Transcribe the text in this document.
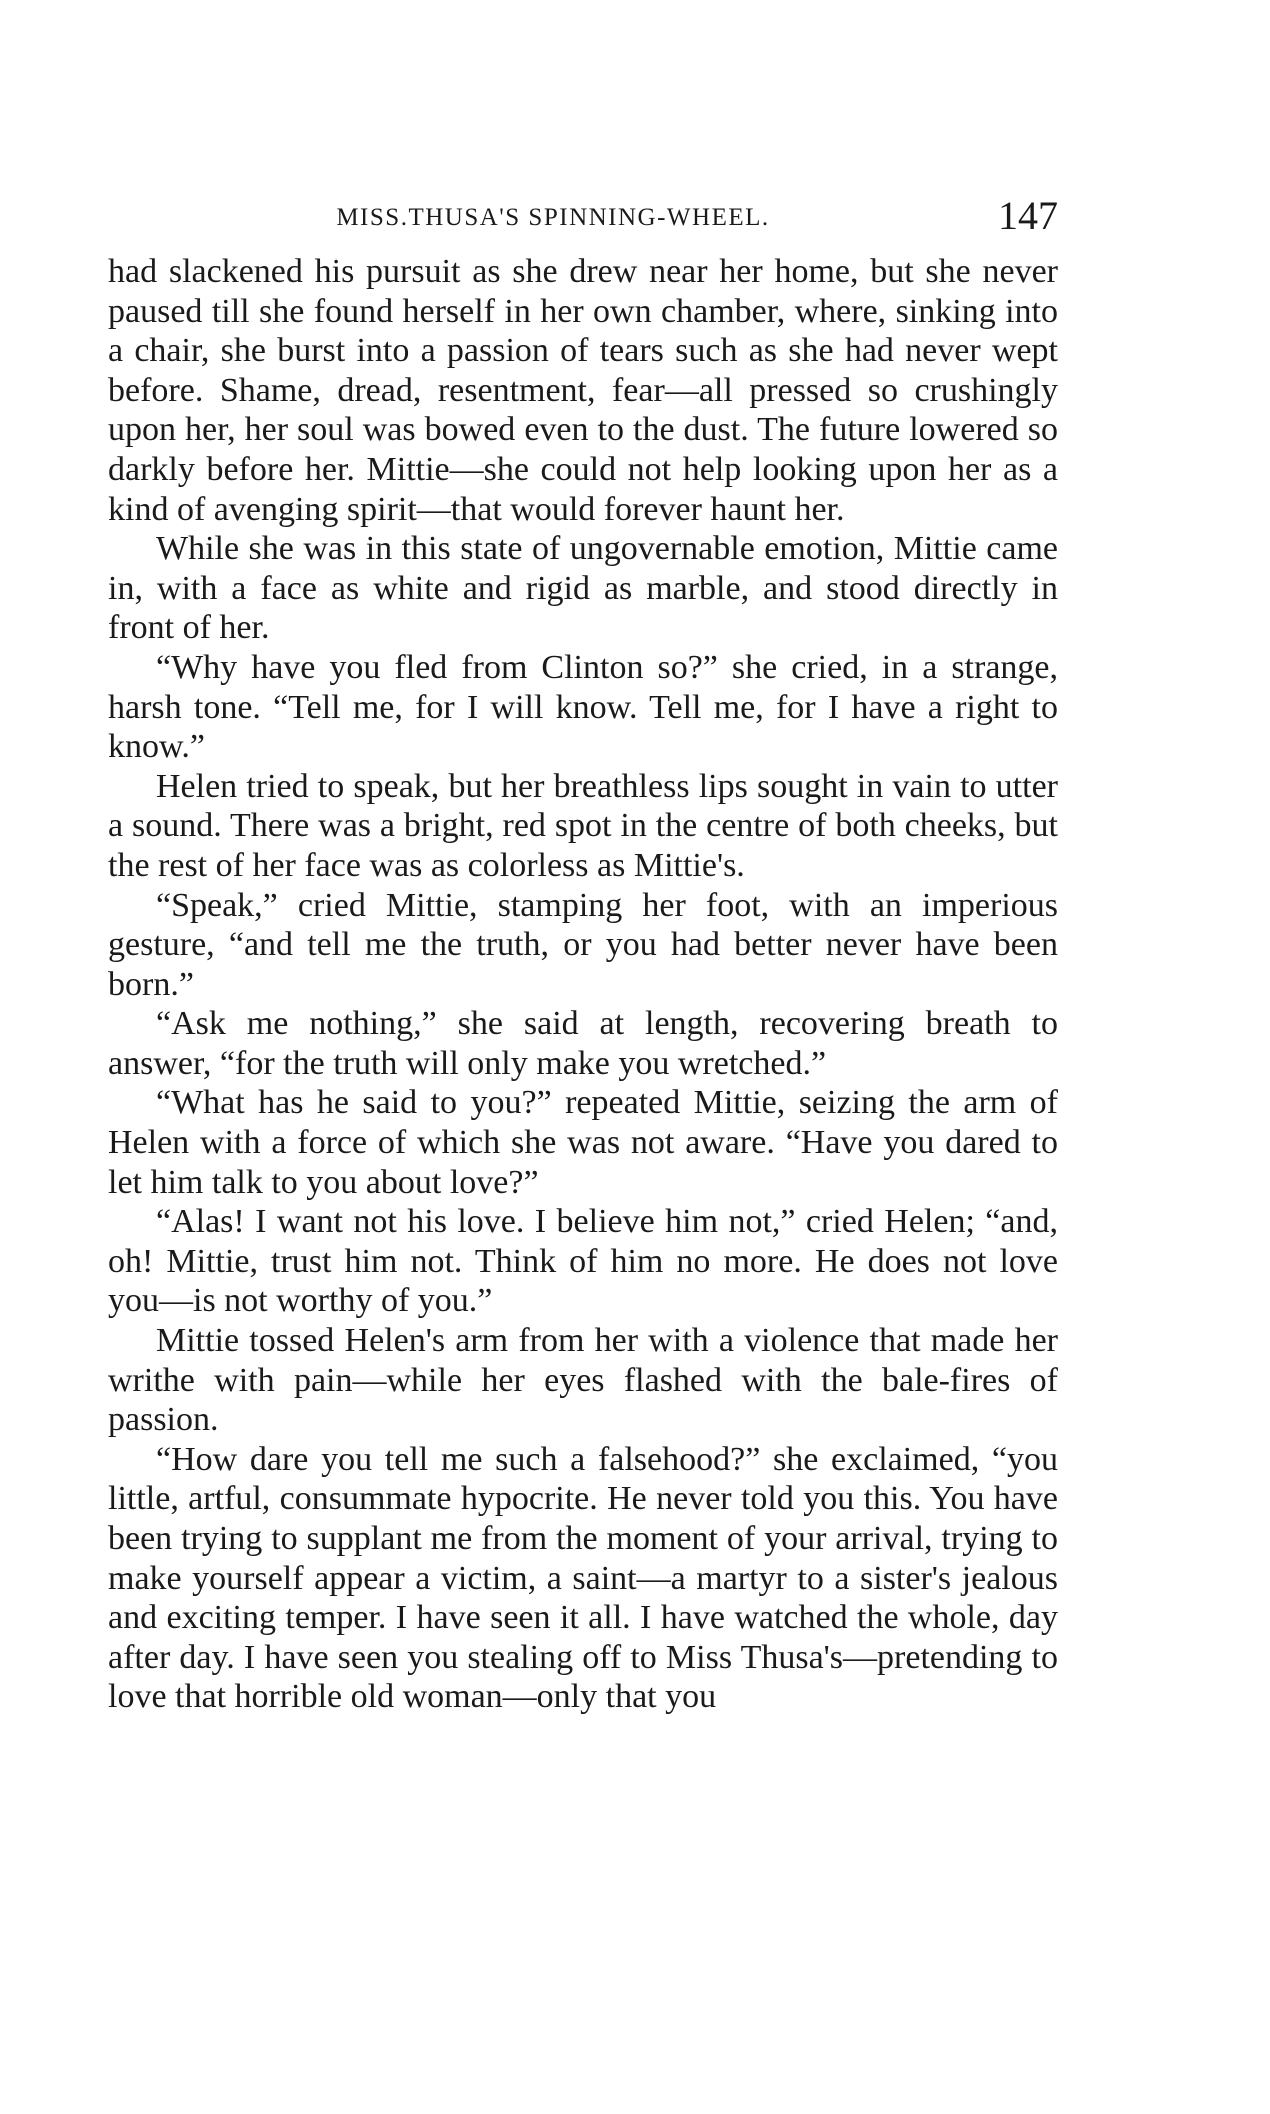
MISS.THUSA'S SPINNING-WHEEL.	147

had slackened his pursuit as she drew near her home, but she never paused till she found herself in her own chamber, where, sinking into a chair, she burst into a passion of tears such as she had never wept before. Shame, dread, resentment, fear—all pressed so crushingly upon her, her soul was bowed even to the dust. The future lowered so darkly before her. Mittie—she could not help looking upon her as a kind of avenging spirit—that would forever haunt her.

While she was in this state of ungovernable emotion, Mittie came in, with a face as white and rigid as marble, and stood directly in front of her.

“Why have you fled from Clinton so?” she cried, in a strange, harsh tone. “Tell me, for I will know. Tell me, for I have a right to know.”

Helen tried to speak, but her breathless lips sought in vain to utter a sound. There was a bright, red spot in the centre of both cheeks, but the rest of her face was as colorless as Mittie's.

“Speak,” cried Mittie, stamping her foot, with an imperious gesture, “and tell me the truth, or you had better never have been born.”

“Ask me nothing,” she said at length, recovering breath to answer, “for the truth will only make you wretched.”

“What has he said to you?” repeated Mittie, seizing the arm of Helen with a force of which she was not aware. “Have you dared to let him talk to you about love?”

“Alas! I want not his love. I believe him not,” cried Helen; “and, oh! Mittie, trust him not. Think of him no more. He does not love you—is not worthy of you.”

Mittie tossed Helen's arm from her with a violence that made her writhe with pain—while her eyes flashed with the bale-fires of passion.

“How dare you tell me such a falsehood?” she exclaimed, “you little, artful, consummate hypocrite. He never told you this. You have been trying to supplant me from the moment of your arrival, trying to make yourself appear a victim, a saint—a martyr to a sister's jealous and exciting temper. I have seen it all. I have watched the whole, day after day. I have seen you stealing off to Miss Thusa's—pretending to love that horrible old woman—only that you
